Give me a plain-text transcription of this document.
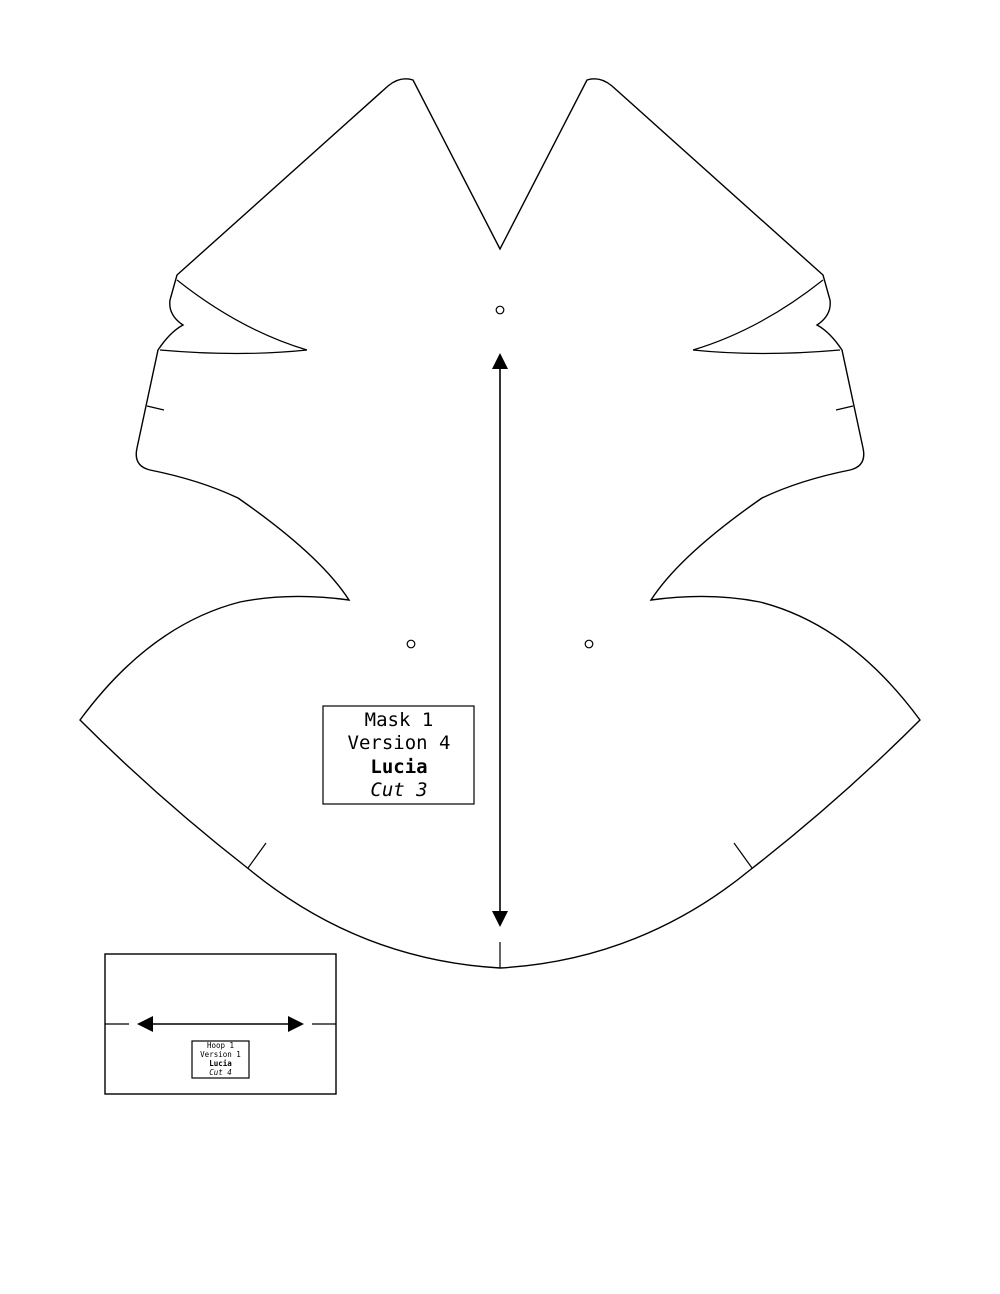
Mask 1
Version 4
Lucia
Cut 3
Hoop 1
Version 1
Lucia
Cut 4
